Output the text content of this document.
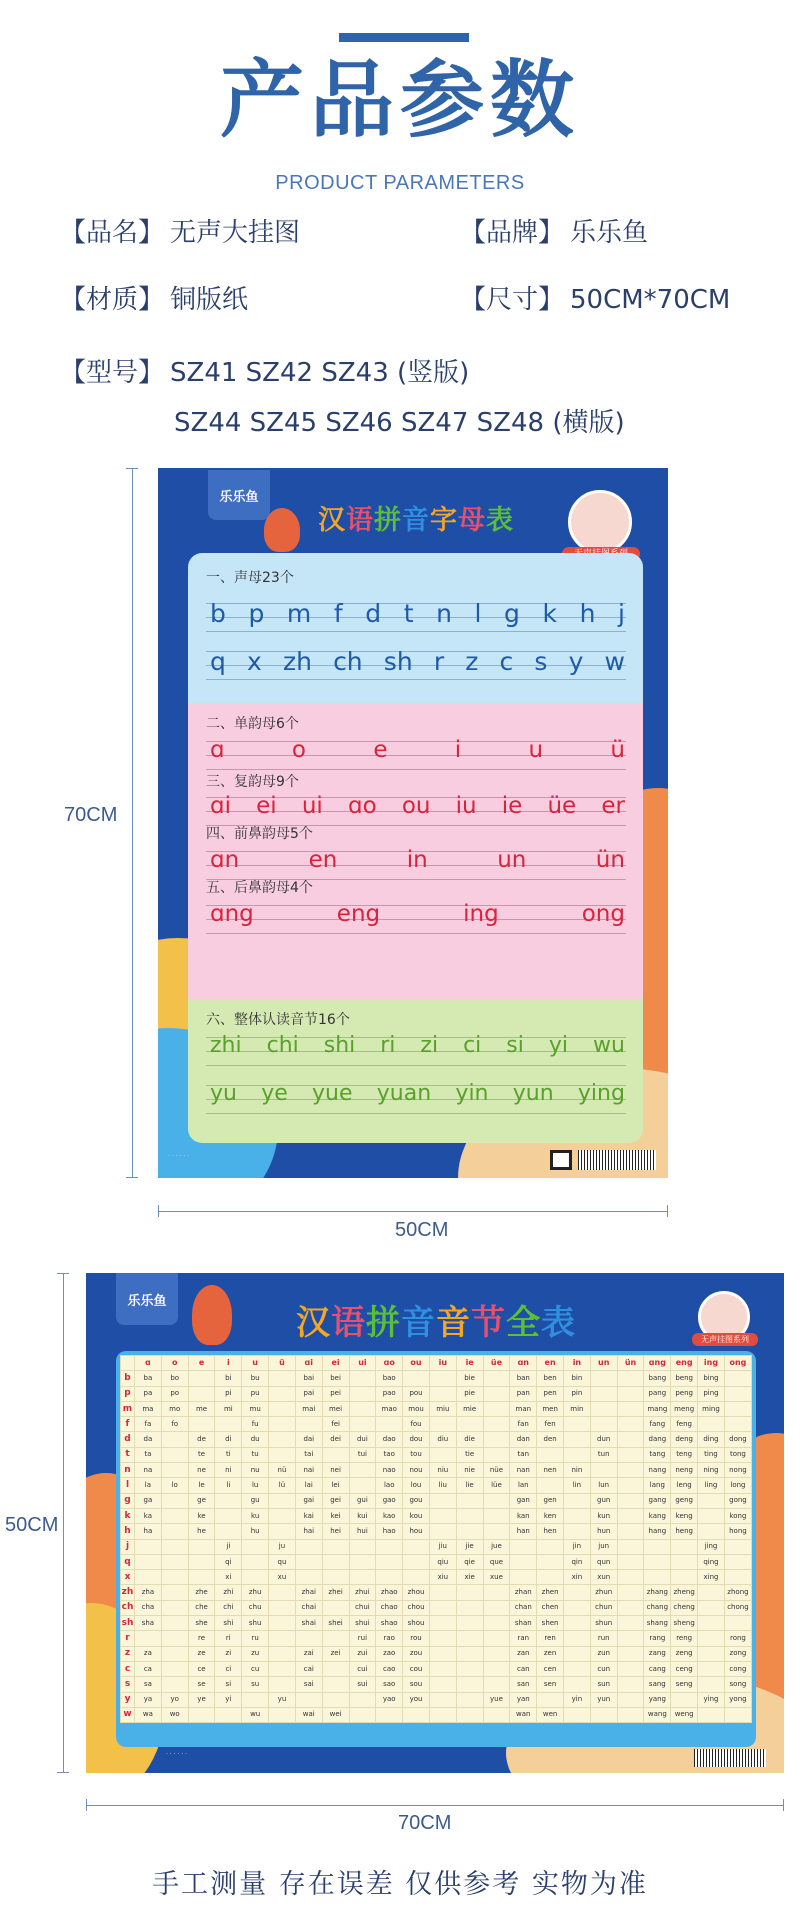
产品参数
PRODUCT PARAMETERS
【品名】 无声大挂图	【品牌】 乐乐鱼
【材质】 铜版纸	【尺寸】 50CM*70CM
【型号】 SZ41 SZ42 SZ43 (竖版)
SZ44 SZ45 SZ46 SZ47 SZ48 (横版)
70CM
50CM
乐乐鱼
汉语拼音字母表
一、声母23个
b p m f d t n l g k h j
q x zh ch sh r z c s y w
二、单韵母6个
ɑ	o	e	i	u	ü
三、复韵母9个
ɑi ei ui ɑo ou iu ie üe er
四、前鼻韵母5个
ɑn	en	in	un	ün
五、后鼻韵母4个
ɑng	eng	ing	ong
六、整体认读音节16个
zhi chi shi ri zi ci si yi wu
yu ye yue yuan yin yun ying
· · · · · ·
50CM
70CM
乐乐鱼
汉语拼音音节全表	无声挂图系列
	ɑ	o	e	i	u	ü	ɑi	ei	ui	ɑo	ou	iu	ie	üe	ɑn	en	in	un	ün	ɑng	eng	ing	ong
b	ba	bo		bi	bu		bai	bei		bao			bie		ban	ben	bin			bang	beng	bing	
p	pa	po		pi	pu		pai	pei		pao	pou		pie		pan	pen	pin			pang	peng	ping	
m	ma	mo	me	mi	mu		mai	mei		mao	mou	miu	mie		man	men	min			mang	meng	ming	
f	fa	fo			fu			fei			fou				fan	fen				fang	feng		
d	da		de	di	du		dai	dei	dui	dao	dou	diu	die		dan	den		dun		dang	deng	ding	dong
t	ta		te	ti	tu		tai		tui	tao	tou		tie		tan			tun		tang	teng	ting	tong
n	na		ne	ni	nu	nü	nai	nei		nao	nou	niu	nie	nüe	nan	nen	nin			nang	neng	ning	nong
l	la	lo	le	li	lu	lü	lai	lei		lao	lou	liu	lie	lüe	lan		lin	lun		lang	leng	ling	long
g	ga		ge		gu		gai	gei	gui	gao	gou				gan	gen		gun		gang	geng		gong
k	ka		ke		ku		kai	kei	kui	kao	kou				kan	ken		kun		kang	keng		kong
h	ha		he		hu		hai	hei	hui	hao	hou				han	hen		hun		hang	heng		hong
j				ji		ju						jiu	jie	jue			jin	jun				jing	
q				qi		qu						qiu	qie	que			qin	qun				qing	
x				xi		xu						xiu	xie	xue			xin	xun				xing	
zh	zha		zhe	zhi	zhu		zhai	zhei	zhui	zhao	zhou				zhan	zhen		zhun		zhang	zheng		zhong
ch	cha		che	chi	chu		chai		chui	chao	chou				chan	chen		chun		chang	cheng		chong
sh	sha		she	shi	shu		shai	shei	shui	shao	shou				shan	shen		shun		shang	sheng		
r			re	ri	ru				rui	rao	rou				ran	ren		run		rang	reng		rong
z	za		ze	zi	zu		zai	zei	zui	zao	zou				zan	zen		zun		zang	zeng		zong
c	ca		ce	ci	cu		cai		cui	cao	cou				can	cen		cun		cang	ceng		cong
s	sa		se	si	su		sai		sui	sao	sou				san	sen		sun		sang	seng		song
y	ya	yo	ye	yi		yu				yao	you			yue	yan		yin	yun		yang		ying	yong
w	wa	wo			wu		wai	wei							wan	wen				wang	weng		
· · · · · ·
手工测量 存在误差 仅供参考 实物为准
